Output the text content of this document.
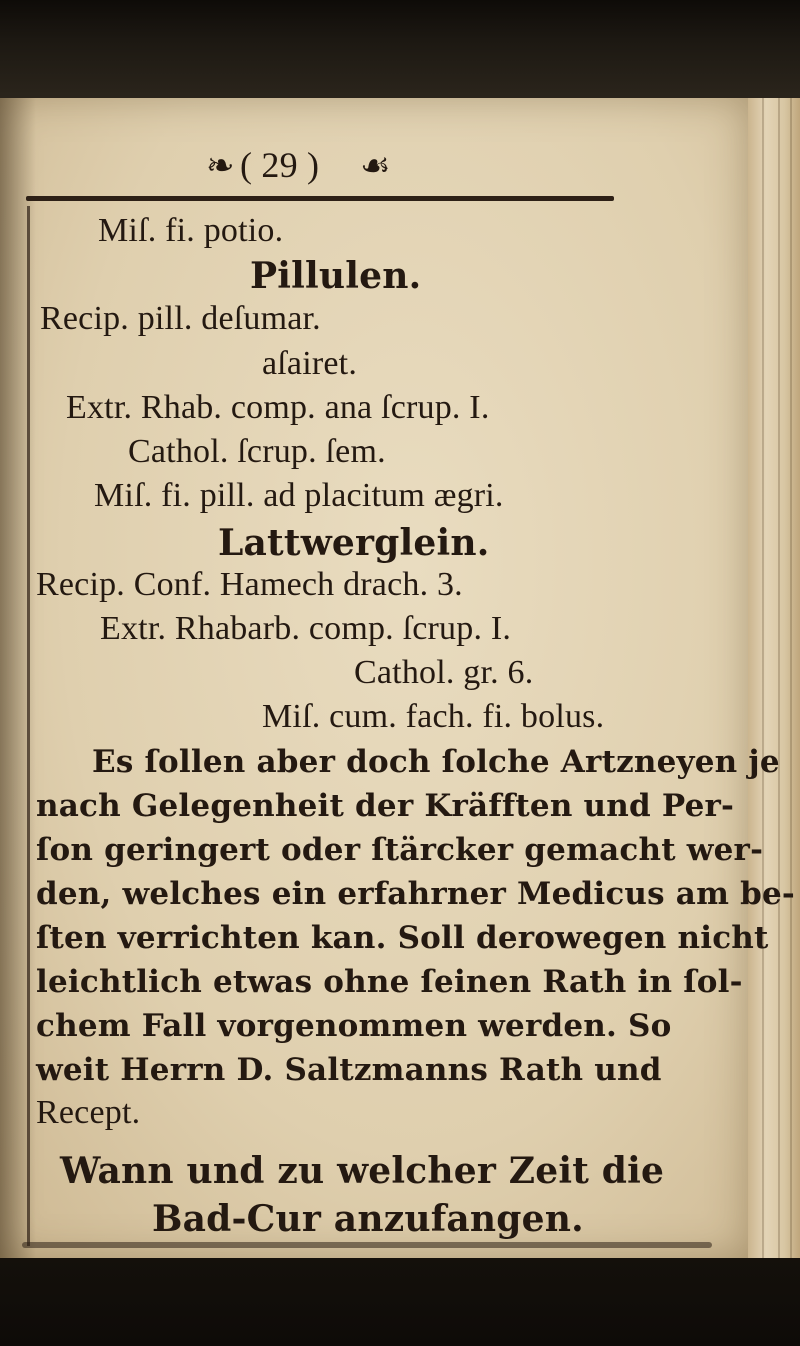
❧ ( 29 ) ☙

Miſ. fi. potio.

Pillulen.

Recip. pill. deſumar.

aſairet.

Extr. Rhab. comp. ana ſcrup. I.

Cathol. ſcrup. ſem.

Miſ. fi. pill. ad placitum ægri.

Lattwerglein.

Recip. Conf. Hamech drach. 3.

Extr. Rhabarb. comp. ſcrup. I.

Cathol. gr. 6.

Miſ. cum. fach. fi. bolus.

Es ſollen aber doch ſolche Artzneyen je

nach Gelegenheit der Kräfften und Per-

ſon geringert oder ſtärcker gemacht wer-

den, welches ein erfahrner Medicus am be-

ſten verrichten kan. Soll derowegen nicht

leichtlich etwas ohne ſeinen Rath in ſol-

chem Fall vorgenommen werden. So

weit Herrn D. Saltzmanns Rath und

Recept.

Wann und zu welcher Zeit die

Bad-Cur anzufangen.
